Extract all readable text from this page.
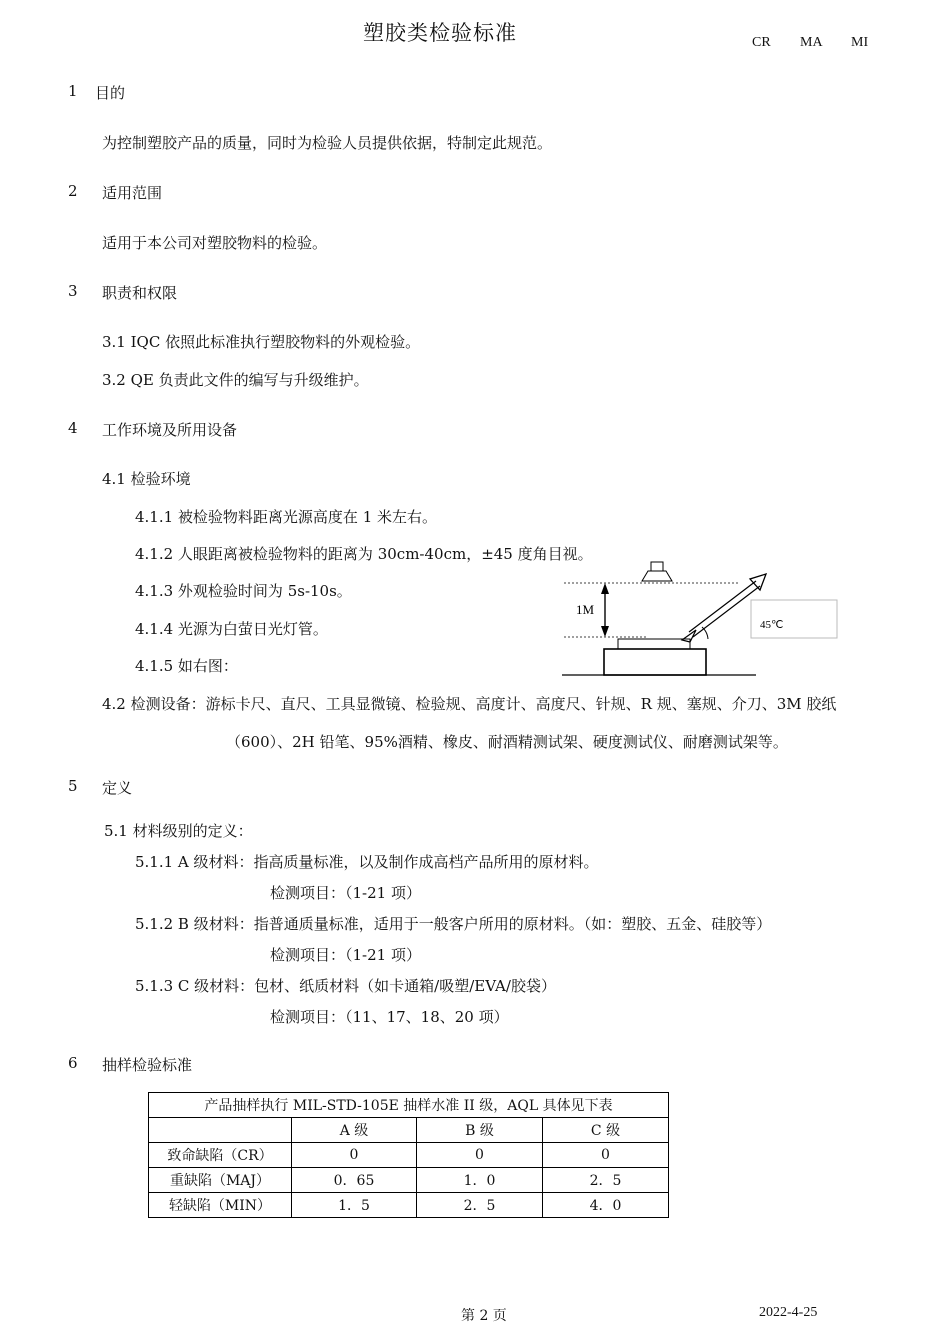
塑胶类检验标准	CR MA MI
1 目的
为控制塑胶产品的质量，同时为检验人员提供依据，特制定此规范。
2 适用范围
适用于本公司对塑胶物料的检验。
3 职责和权限
3.1 IQC 依照此标准执行塑胶物料的外观检验。
3.2 QE 负责此文件的编写与升级维护。
4 工作环境及所用设备
4.1 检验环境
4.1.1 被检验物料距离光源高度在 1 米左右。
4.1.2 人眼距离被检验物料的距离为 30cm-40cm，±45 度角目视。
4.1.3 外观检验时间为 5s-10s。
4.1.4 光源为白萤日光灯管。
4.1.5 如右图：
1M
45℃
4.2 检测设备：游标卡尺、直尺、工具显微镜、检验规、高度计、高度尺、针规、R 规、塞规、介刀、3M 胶纸
（600）、2H 铅笔、95%酒精、橡皮、耐酒精测试架、硬度测试仪、耐磨测试架等。
5 定义
5.1 材料级别的定义：
5.1.1 A 级材料：指高质量标准，以及制作成高档产品所用的原材料。
检测项目：（1-21 项）
5.1.2 B 级材料：指普通质量标准，适用于一般客户所用的原材料。（如：塑胶、五金、硅胶等）
检测项目：（1-21 项）
5.1.3 C 级材料：包材、纸质材料（如卡通箱/吸塑/EVA/胶袋）
检测项目：（11、17、18、20 项）
6 抽样检验标准
产品抽样执行 MIL-STD-105E 抽样水准 II 级，AQL 具体见下表			
	A 级	B 级	C 级
致命缺陷（CR）	0	0	0
重缺陷（MAJ）	0．65	1．0	2．5
轻缺陷（MIN）	1．5	2．5	4．0
第 2 页	2022-4-25
